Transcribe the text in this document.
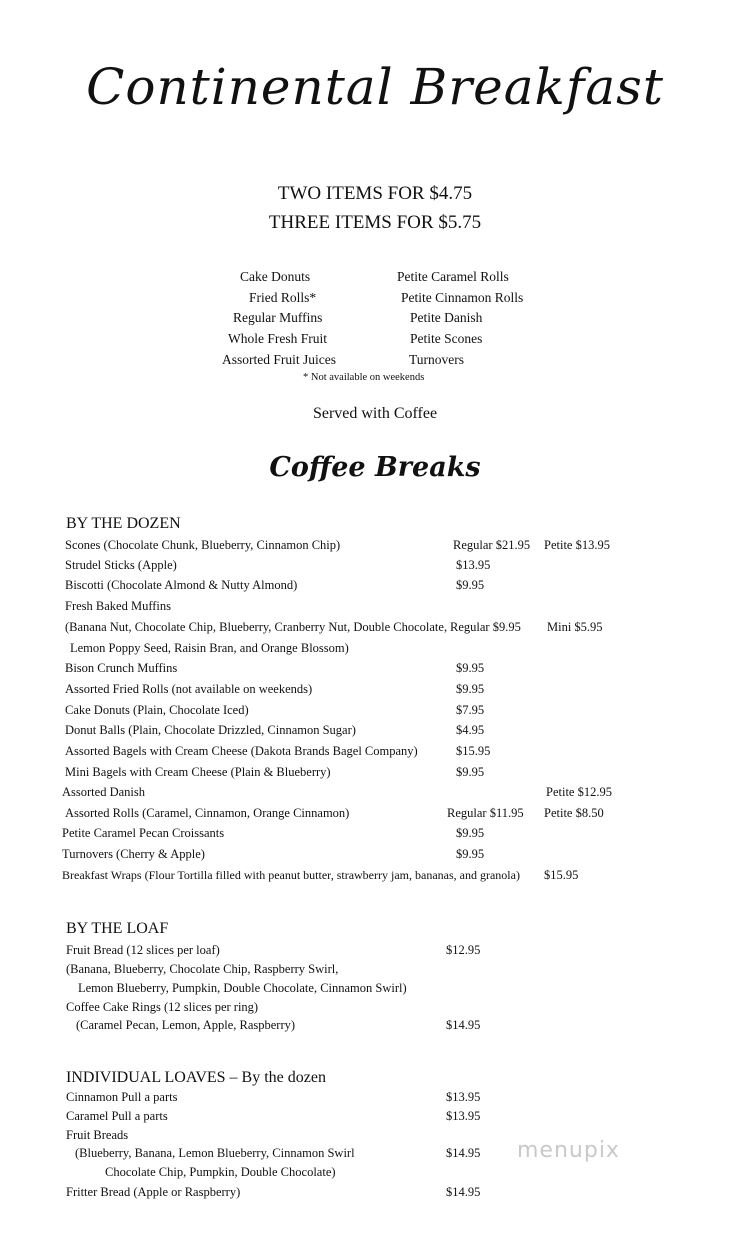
Continental Breakfast
TWO ITEMS FOR $4.75
THREE ITEMS FOR $5.75
Cake Donuts
Fried Rolls*
Regular Muffins
Whole Fresh Fruit
Assorted Fruit Juices
Petite Caramel Rolls
Petite Cinnamon Rolls
Petite Danish
Petite Scones
Turnovers
* Not available on weekends
Served with Coffee
Coffee Breaks
BY THE DOZEN
Scones (Chocolate Chunk, Blueberry, Cinnamon Chip)	Regular $21.95 Petite $13.95
Strudel Sticks (Apple)	$13.95
Biscotti (Chocolate Almond & Nutty Almond)	$9.95
Fresh Baked Muffins
(Banana Nut, Chocolate Chip, Blueberry, Cranberry Nut, Double Chocolate, Regular $9.95 Mini $5.95
Lemon Poppy Seed, Raisin Bran, and Orange Blossom)
Bison Crunch Muffins	$9.95
Assorted Fried Rolls (not available on weekends)	$9.95
Cake Donuts (Plain, Chocolate Iced)	$7.95
Donut Balls (Plain, Chocolate Drizzled, Cinnamon Sugar)	$4.95
Assorted Bagels with Cream Cheese (Dakota Brands Bagel Company)	$15.95
Mini Bagels with Cream Cheese (Plain & Blueberry)	$9.95
Assorted Danish	Petite $12.95
Assorted Rolls (Caramel, Cinnamon, Orange Cinnamon)	Regular $11.95 Petite $8.50
Petite Caramel Pecan Croissants	$9.95
Turnovers (Cherry & Apple)	$9.95
Breakfast Wraps (Flour Tortilla filled with peanut butter, strawberry jam, bananas, and granola) $15.95
BY THE LOAF
Fruit Bread (12 slices per loaf)	$12.95
(Banana, Blueberry, Chocolate Chip, Raspberry Swirl,
Lemon Blueberry, Pumpkin, Double Chocolate, Cinnamon Swirl)
Coffee Cake Rings (12 slices per ring)
(Caramel Pecan, Lemon, Apple, Raspberry)	$14.95
INDIVIDUAL LOAVES – By the dozen
Cinnamon Pull a parts	$13.95
Caramel Pull a parts	$13.95
Fruit Breads
(Blueberry, Banana, Lemon Blueberry, Cinnamon Swirl	$14.95
Chocolate Chip, Pumpkin, Double Chocolate)
Fritter Bread (Apple or Raspberry)	$14.95
menupix
